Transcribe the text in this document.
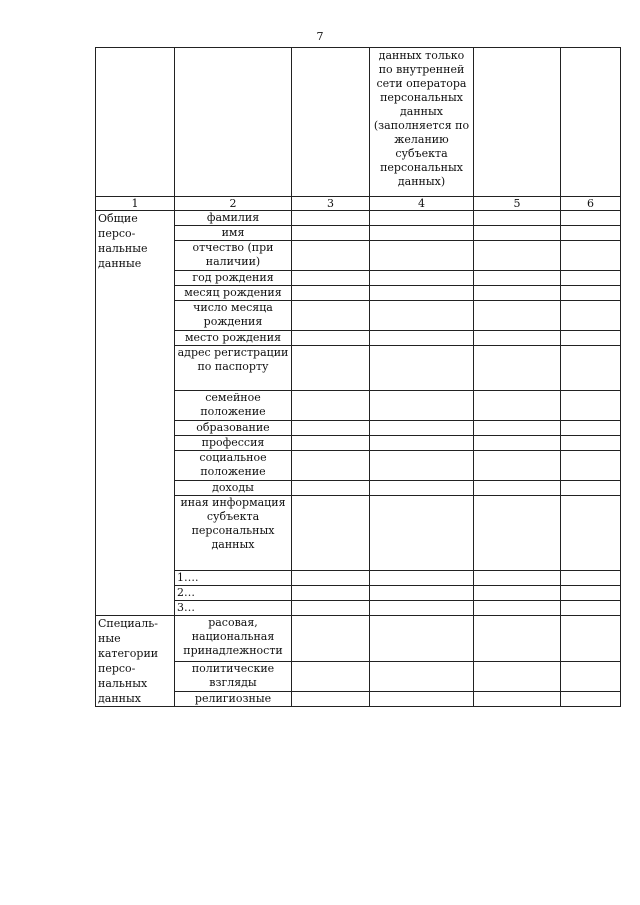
7
			данных только по внутренней сети оператора персональных данных (заполняется по желанию субъекта персональных данных)		
1	2	3	4	5	6
Общие персо-нальные данные	фамилия				
	имя				
	отчество (при наличии)				
	год рождения				
	месяц рождения				
	число месяца рождения				
	место рождения				
	адрес регистрации по паспорту				
	семейное положение				
	образование				
	профессия				
	социальное положение				
	доходы				
	иная информация субъекта персональных данных				
	1….				
	2…				
	3…				
Специаль-ные категории персо-нальных данных	расовая, национальная принадлежности				
	политические взгляды				
	религиозные				
